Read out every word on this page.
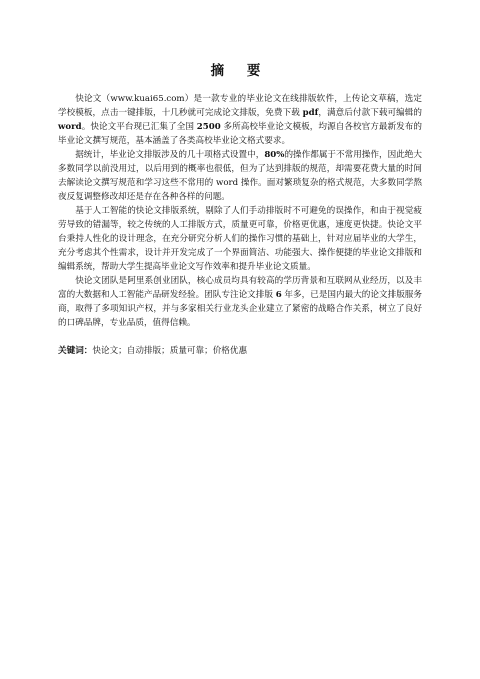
摘 要

快论文（www.kuai65.com）是一款专业的毕业论文在线排版软件，上传论文草稿，选定学校模板，点击一键排版，十几秒就可完成论文排版，免费下载 pdf，满意后付款下载可编辑的 word。快论文平台现已汇集了全国 2500 多所高校毕业论文模板，均源自各校官方最新发布的毕业论文撰写规范，基本涵盖了各类高校毕业论文格式要求。

据统计，毕业论文排版涉及的几十项格式设置中，80%的操作都属于不常用操作，因此绝大多数同学以前没用过，以后用到的概率也很低，但为了达到排版的规范，却需要花费大量的时间去解读论文撰写规范和学习这些不常用的 word 操作。面对繁琐复杂的格式规范，大多数同学熬夜反复调整修改却还是存在各种各样的问题。

基于人工智能的快论文排版系统，剔除了人们手动排版时不可避免的误操作，和由于视觉疲劳导致的错漏等，较之传统的人工排版方式，质量更可靠，价格更优惠，速度更快捷。快论文平台秉持人性化的设计理念，在充分研究分析人们的操作习惯的基础上，针对应届毕业的大学生，充分考虑其个性需求，设计并开发完成了一个界面简洁、功能强大、操作便捷的毕业论文排版和编辑系统，帮助大学生提高毕业论文写作效率和提升毕业论文质量。

快论文团队是阿里系创业团队，核心成员均具有较高的学历背景和互联网从业经历，以及丰富的大数据和人工智能产品研发经验。团队专注论文排版 6 年多，已是国内最大的论文排版服务商，取得了多项知识产权，并与多家相关行业龙头企业建立了紧密的战略合作关系，树立了良好的口碑品牌，专业品质，值得信赖。

关键词：快论文；自动排版；质量可靠；价格优惠
